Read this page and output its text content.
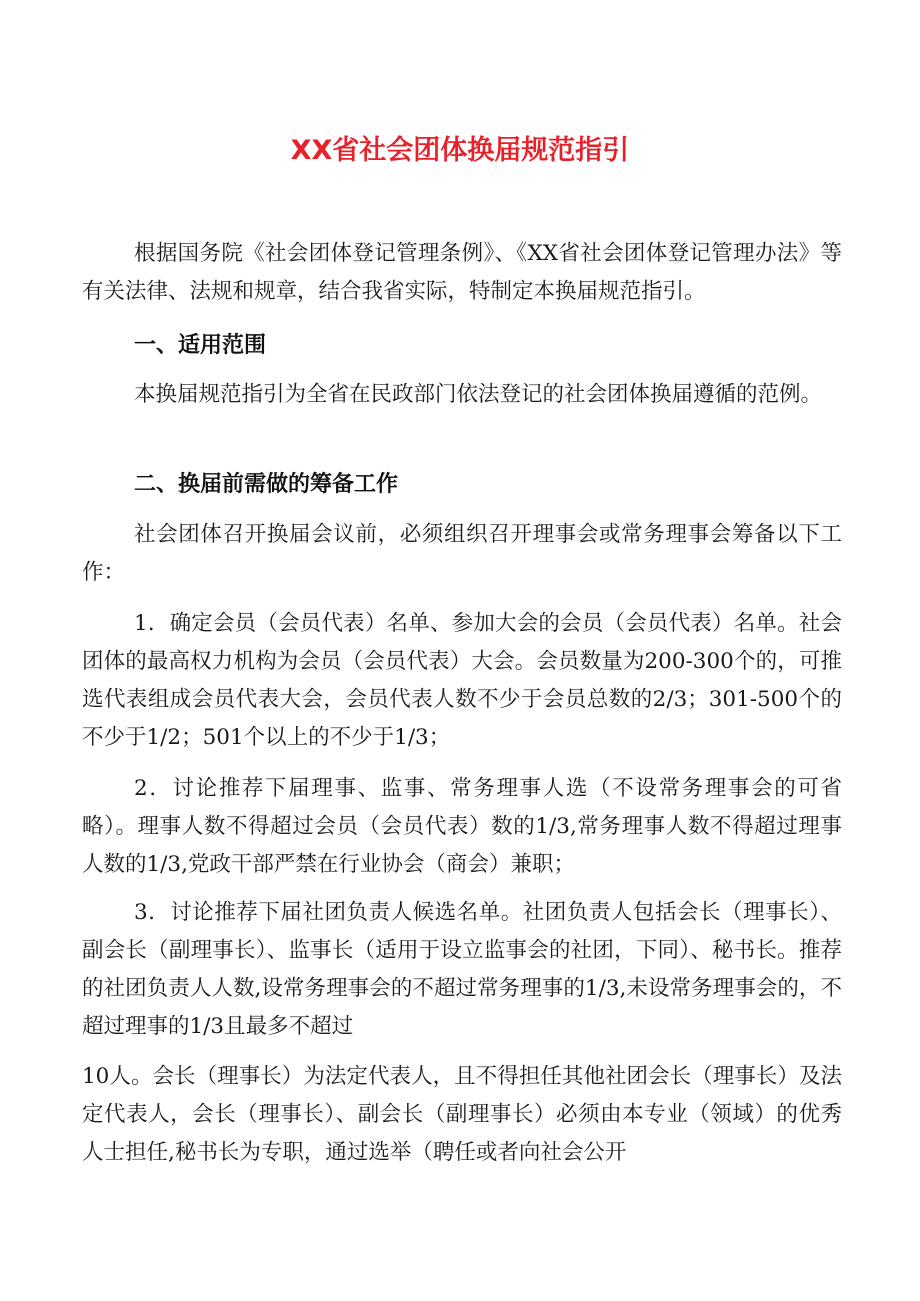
XX省社会团体换届规范指引

根据国务院《社会团体登记管理条例》、《XX省社会团体登记管理办法》等有关法律、法规和规章，结合我省实际，特制定本换届规范指引。

一、适用范围

本换届规范指引为全省在民政部门依法登记的社会团体换届遵循的范例。

二、换届前需做的筹备工作

社会团体召开换届会议前，必须组织召开理事会或常务理事会筹备以下工作：

1．确定会员（会员代表）名单、参加大会的会员（会员代表）名单。社会团体的最高权力机构为会员（会员代表）大会。会员数量为200-300个的，可推选代表组成会员代表大会，会员代表人数不少于会员总数的2/3；301-500个的不少于1/2；501个以上的不少于1/3；

2．讨论推荐下届理事、监事、常务理事人选（不设常务理事会的可省略）。理事人数不得超过会员（会员代表）数的1/3,常务理事人数不得超过理事人数的1/3,党政干部严禁在行业协会（商会）兼职；

3．讨论推荐下届社团负责人候选名单。社团负责人包括会长（理事长）、副会长（副理事长）、监事长（适用于设立监事会的社团，下同）、秘书长。推荐的社团负责人人数,设常务理事会的不超过常务理事的1/3,未设常务理事会的，不超过理事的1/3且最多不超过

10人。会长（理事长）为法定代表人，且不得担任其他社团会长（理事长）及法定代表人，会长（理事长）、副会长（副理事长）必须由本专业（领域）的优秀人士担任,秘书长为专职，通过选举（聘任或者向社会公开
